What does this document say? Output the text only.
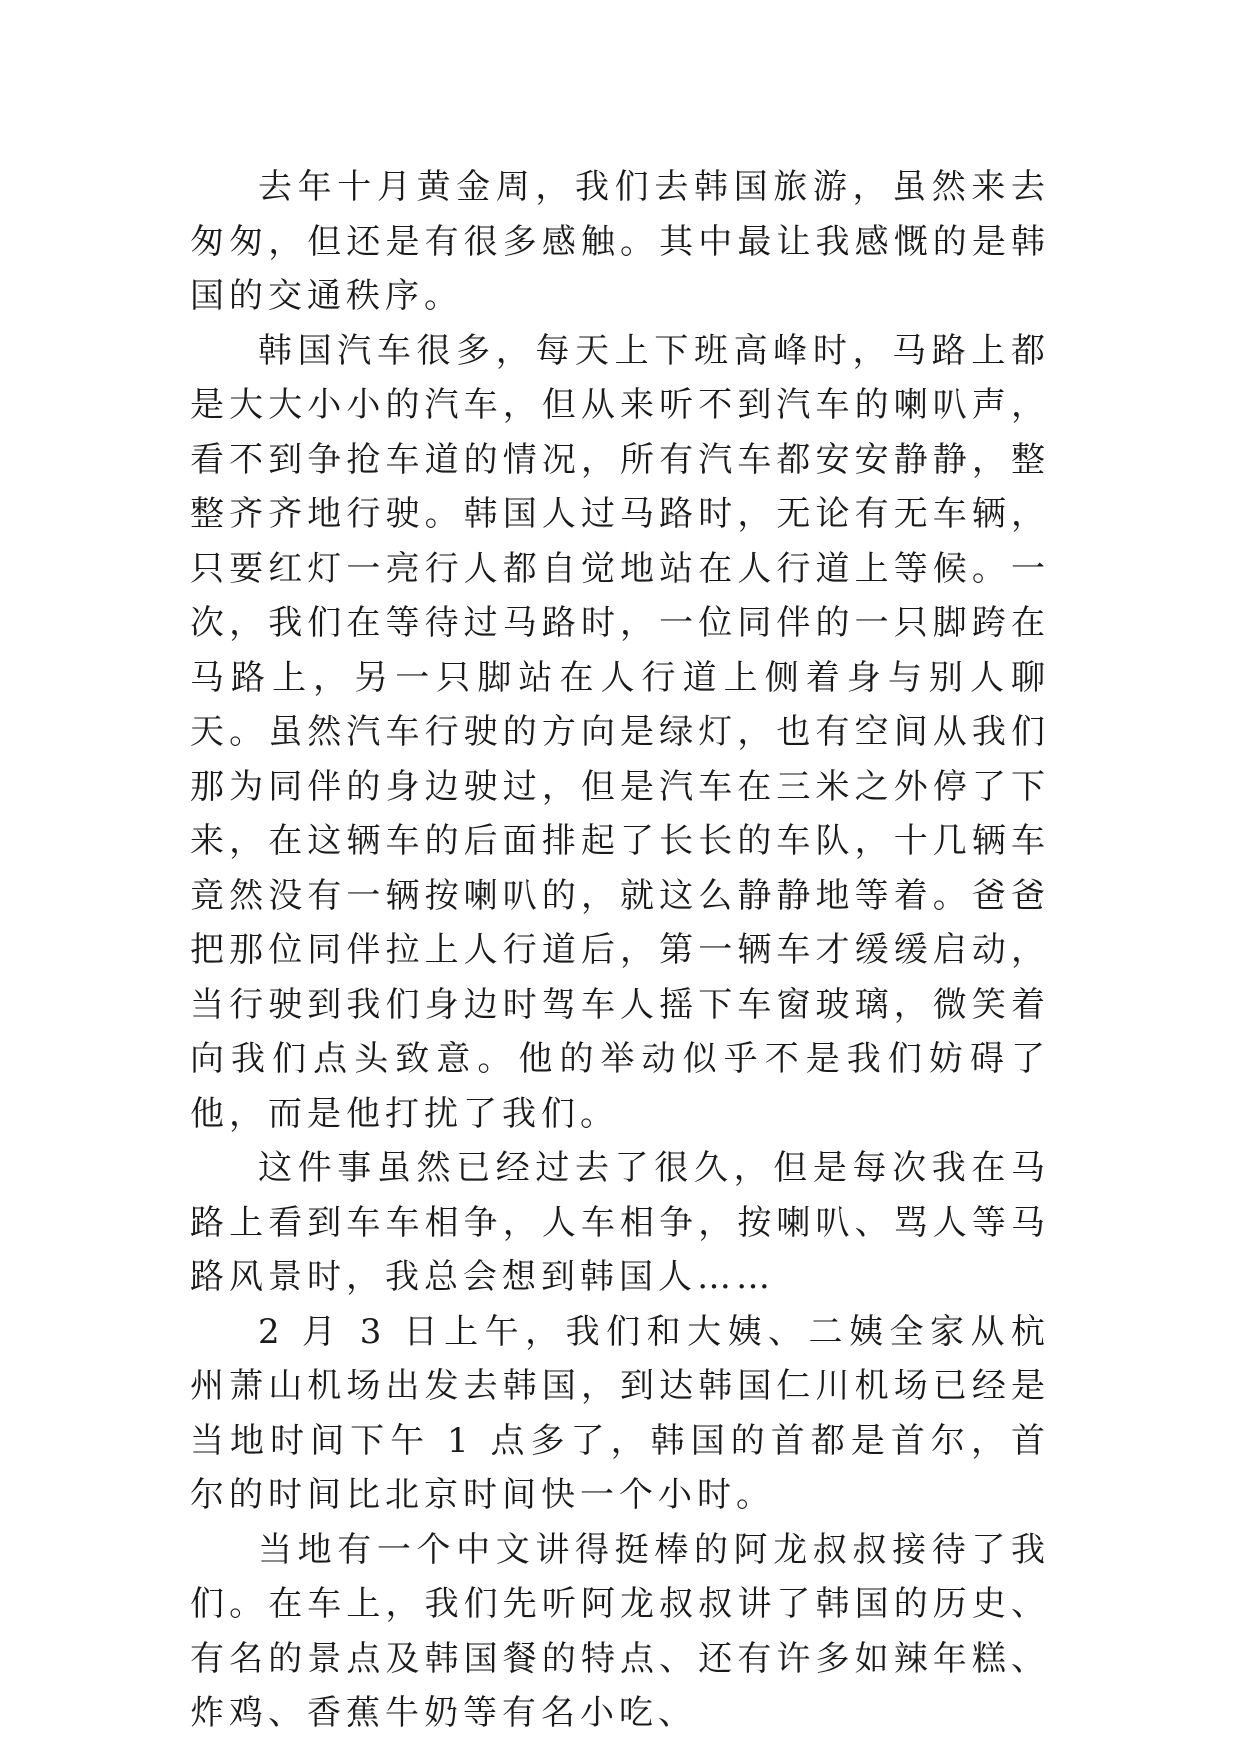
去年十月黄金周，我们去韩国旅游，虽然来去匆匆，但还是有很多感触。其中最让我感慨的是韩国的交通秩序。

韩国汽车很多，每天上下班高峰时，马路上都是大大小小的汽车，但从来听不到汽车的喇叭声，看不到争抢车道的情况，所有汽车都安安静静，整整齐齐地行驶。韩国人过马路时，无论有无车辆，只要红灯一亮行人都自觉地站在人行道上等候。一次，我们在等待过马路时，一位同伴的一只脚跨在马路上，另一只脚站在人行道上侧着身与别人聊天。虽然汽车行驶的方向是绿灯，也有空间从我们那为同伴的身边驶过，但是汽车在三米之外停了下来，在这辆车的后面排起了长长的车队，十几辆车竟然没有一辆按喇叭的，就这么静静地等着。爸爸把那位同伴拉上人行道后，第一辆车才缓缓启动，当行驶到我们身边时驾车人摇下车窗玻璃，微笑着向我们点头致意。他的举动似乎不是我们妨碍了他，而是他打扰了我们。

这件事虽然已经过去了很久，但是每次我在马路上看到车车相争，人车相争，按喇叭、骂人等马路风景时，我总会想到韩国人……

2 月 3 日上午，我们和大姨、二姨全家从杭州萧山机场出发去韩国，到达韩国仁川机场已经是当地时间下午 1 点多了，韩国的首都是首尔，首尔的时间比北京时间快一个小时。

当地有一个中文讲得挺棒的阿龙叔叔接待了我们。在车上，我们先听阿龙叔叔讲了韩国的历史、有名的景点及韩国餐的特点、还有许多如辣年糕、炸鸡、香蕉牛奶等有名小吃、
